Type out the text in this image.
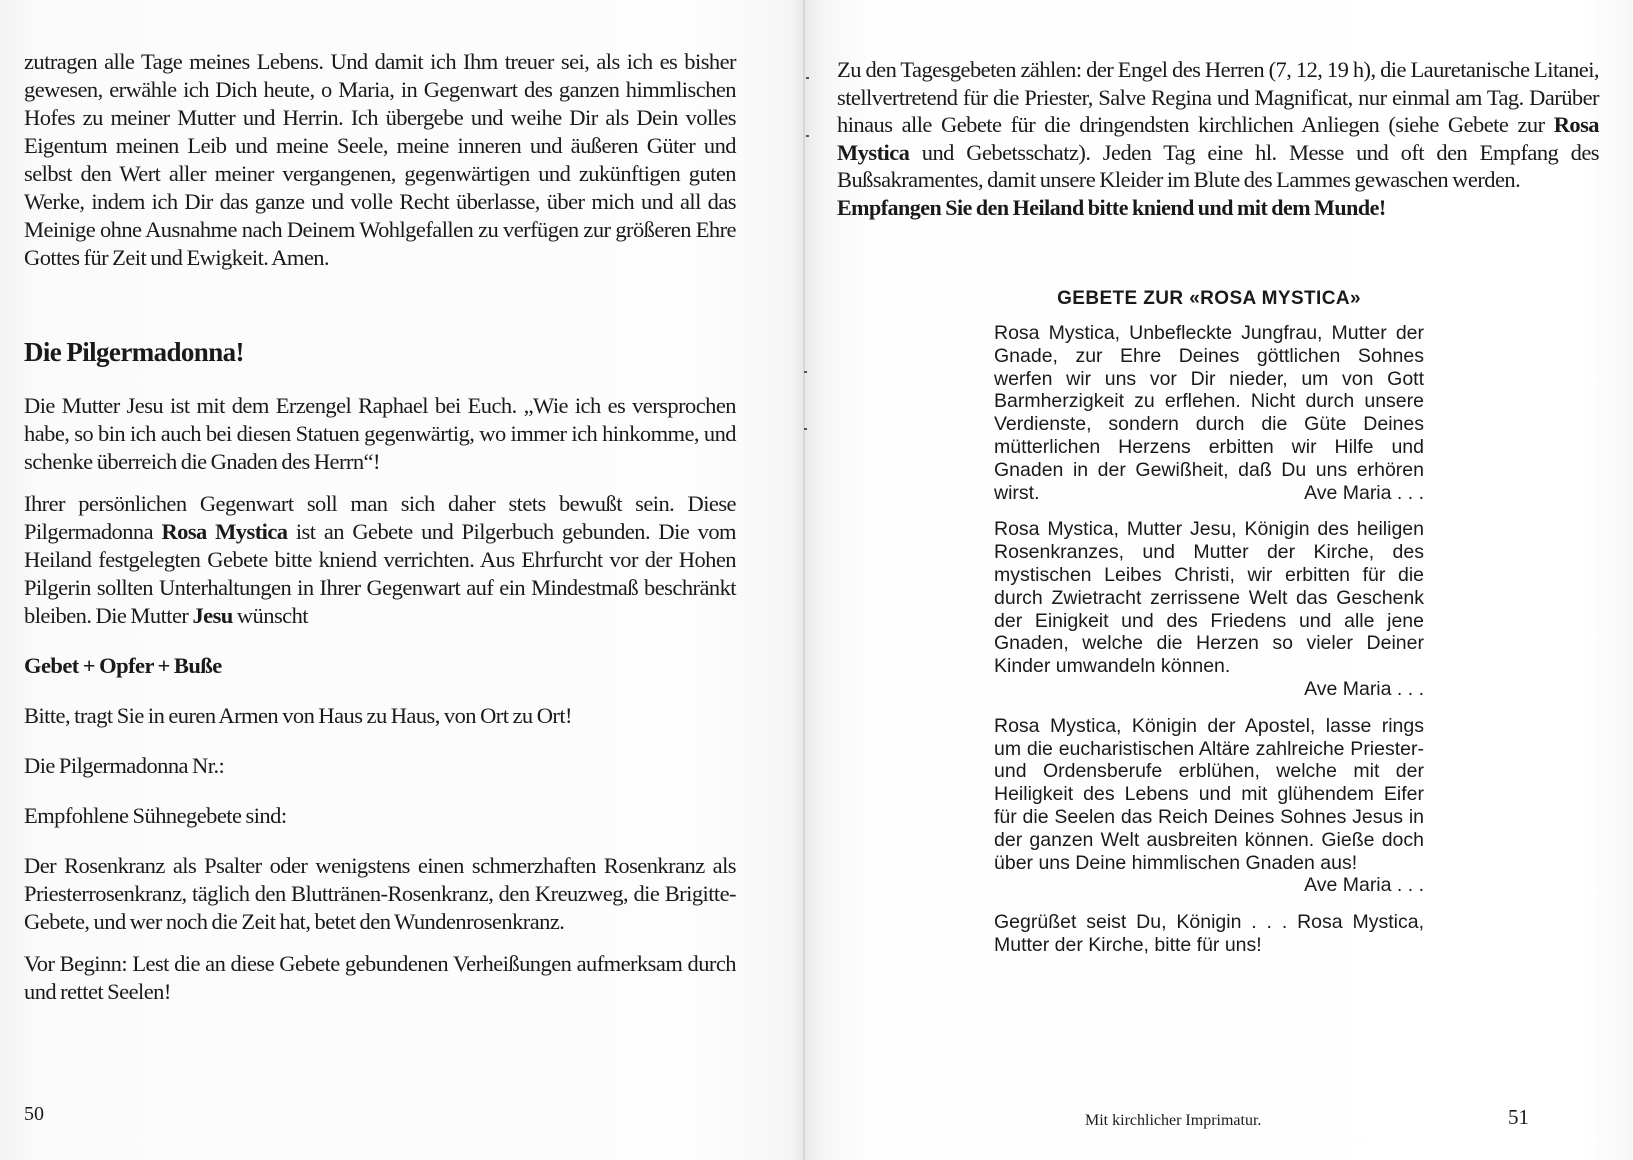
zutragen alle Tage meines Lebens. Und damit ich Ihm treuer sei, als ich es bisher gewesen, erwähle ich Dich heute, o Maria, in Gegenwart des ganzen himmlischen Hofes zu meiner Mutter und Herrin. Ich übergebe und weihe Dir als Dein volles Eigentum meinen Leib und meine Seele, meine inneren und äußeren Güter und selbst den Wert aller meiner vergangenen, gegenwärtigen und zukünftigen guten Werke, indem ich Dir das ganze und volle Recht überlasse, über mich und all das Meinige ohne Ausnahme nach Deinem Wohlgefallen zu verfügen zur größeren Ehre Gottes für Zeit und Ewigkeit. Amen.

Die Pilgermadonna!

Die Mutter Jesu ist mit dem Erzengel Raphael bei Euch. „Wie ich es versprochen habe, so bin ich auch bei diesen Statuen gegenwärtig, wo immer ich hinkomme, und schenke überreich die Gnaden des Herrn“!

Ihrer persönlichen Gegenwart soll man sich daher stets bewußt sein. Diese Pilgermadonna Rosa Mystica ist an Gebete und Pilgerbuch gebunden. Die vom Heiland festgelegten Gebete bitte kniend verrichten. Aus Ehrfurcht vor der Hohen Pilgerin sollten Unterhaltungen in Ihrer Gegenwart auf ein Mindestmaß beschränkt bleiben. Die Mutter Jesu wünscht

Gebet + Opfer + Buße

Bitte, tragt Sie in euren Armen von Haus zu Haus, von Ort zu Ort!

Die Pilgermadonna Nr.:

Empfohlene Sühnegebete sind:

Der Rosenkranz als Psalter oder wenigstens einen schmerzhaften Rosenkranz als Priesterrosenkranz, täglich den Bluttränen-Rosenkranz, den Kreuzweg, die Brigitte-Gebete, und wer noch die Zeit hat, betet den Wundenrosenkranz.

Vor Beginn: Lest die an diese Gebete gebundenen Verheißungen aufmerksam durch und rettet Seelen!

50

Zu den Tagesgebeten zählen: der Engel des Herren (7, 12, 19 h), die Lauretanische Litanei, stellvertretend für die Priester, Salve Regina und Magnificat, nur einmal am Tag. Darüber hinaus alle Gebete für die dringendsten kirchlichen Anliegen (siehe Gebete zur Rosa Mystica und Gebetsschatz). Jeden Tag eine hl. Messe und oft den Empfang des Bußsakramentes, damit unsere Kleider im Blute des Lammes gewaschen werden.

Empfangen Sie den Heiland bitte kniend und mit dem Munde!

GEBETE ZUR «ROSA MYSTICA»

Rosa Mystica, Unbefleckte Jungfrau, Mutter der Gnade, zur Ehre Deines göttlichen Sohnes werfen wir uns vor Dir nieder, um von Gott Barmherzigkeit zu erflehen. Nicht durch unsere Verdienste, sondern durch die Güte Deines mütterlichen Herzens erbitten wir Hilfe und Gnaden in der Gewißheit, daß Du uns erhören wirst.	Ave Maria . . .

Rosa Mystica, Mutter Jesu, Königin des heiligen Rosenkranzes, und Mutter der Kirche, des mystischen Leibes Christi, wir erbitten für die durch Zwietracht zerrissene Welt das Geschenk der Einigkeit und des Friedens und alle jene Gnaden, welche die Herzen so vieler Deiner Kinder umwandeln können.
Ave Maria . . .

Rosa Mystica, Königin der Apostel, lasse rings um die eucharistischen Altäre zahlreiche Priester- und Ordensberufe erblühen, welche mit der Heiligkeit des Lebens und mit glühendem Eifer für die Seelen das Reich Deines Sohnes Jesus in der ganzen Welt ausbreiten können. Gieße doch über uns Deine himmlischen Gnaden aus!
Ave Maria . . .

Gegrüßet seist Du, Königin . . . Rosa Mystica, Mutter der Kirche, bitte für uns!

Mit kirchlicher Imprimatur.	51
